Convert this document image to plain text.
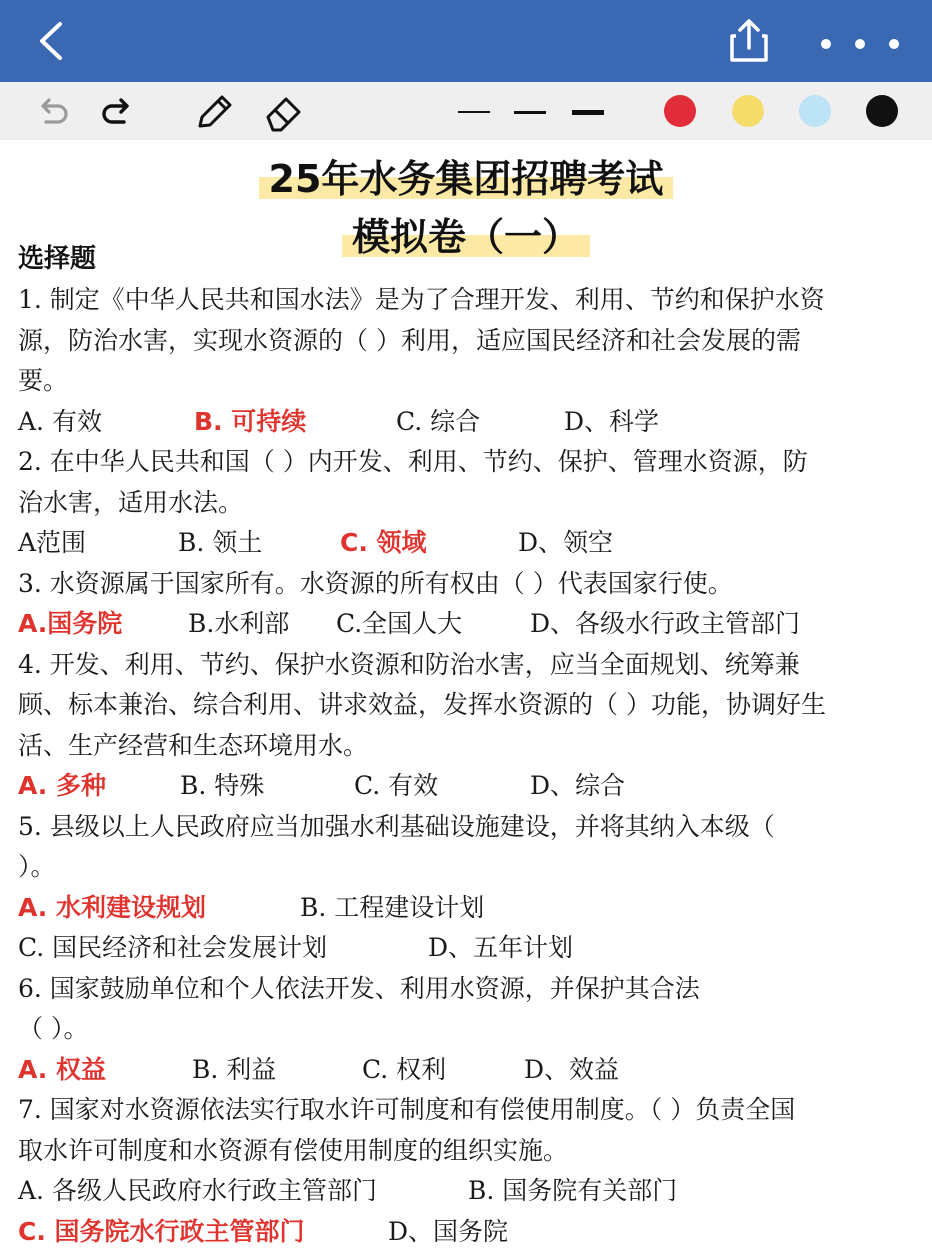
25年水务集团招聘考试
模拟卷（一）
选择题
1. 制定《中华人民共和国水法》是为了合理开发、利用、节约和保护水资
源，防治水害，实现水资源的（ ）利用，适应国民经济和社会发展的需
要。
A. 有效	B. 可持续	C. 综合	D、科学
2. 在中华人民共和国（ ）内开发、利用、节约、保护、管理水资源，防
治水害，适用水法。
A范围	B. 领土	C. 领域	D、领空
3. 水资源属于国家所有。水资源的所有权由（ ）代表国家行使。
A.国务院	B.水利部 C.全国人大	D、各级水行政主管部门
4. 开发、利用、节约、保护水资源和防治水害，应当全面规划、统筹兼
顾、标本兼治、综合利用、讲求效益，发挥水资源的（ ）功能，协调好生
活、生产经营和生态环境用水。
A. 多种	B. 特殊	C. 有效	D、综合
5. 县级以上人民政府应当加强水利基础设施建设，并将其纳入本级（
）。
A. 水利建设规划	B. 工程建设计划
C. 国民经济和社会发展计划	D、五年计划
6. 国家鼓励单位和个人依法开发、利用水资源，并保护其合法
（ ）。
A. 权益	B. 利益	C. 权利	D、效益
7. 国家对水资源依法实行取水许可制度和有偿使用制度。（ ）负责全国
取水许可制度和水资源有偿使用制度的组织实施。
A. 各级人民政府水行政主管部门	B. 国务院有关部门
C. 国务院水行政主管部门	D、国务院
